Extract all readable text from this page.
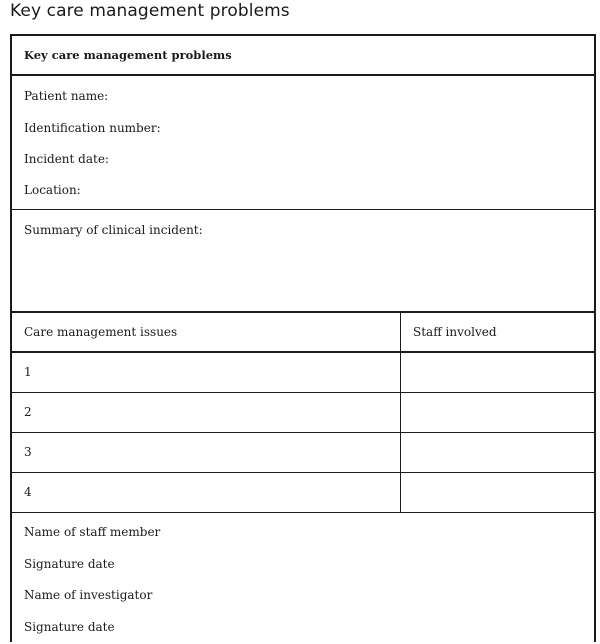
Key care management problems
Key care management problems
Patient name:
Identification number:
Incident date:
Location:
Summary of clinical incident:
Care management issues	Staff involved
1
2
3
4
Name of staff member
Signature date
Name of investigator
Signature date
